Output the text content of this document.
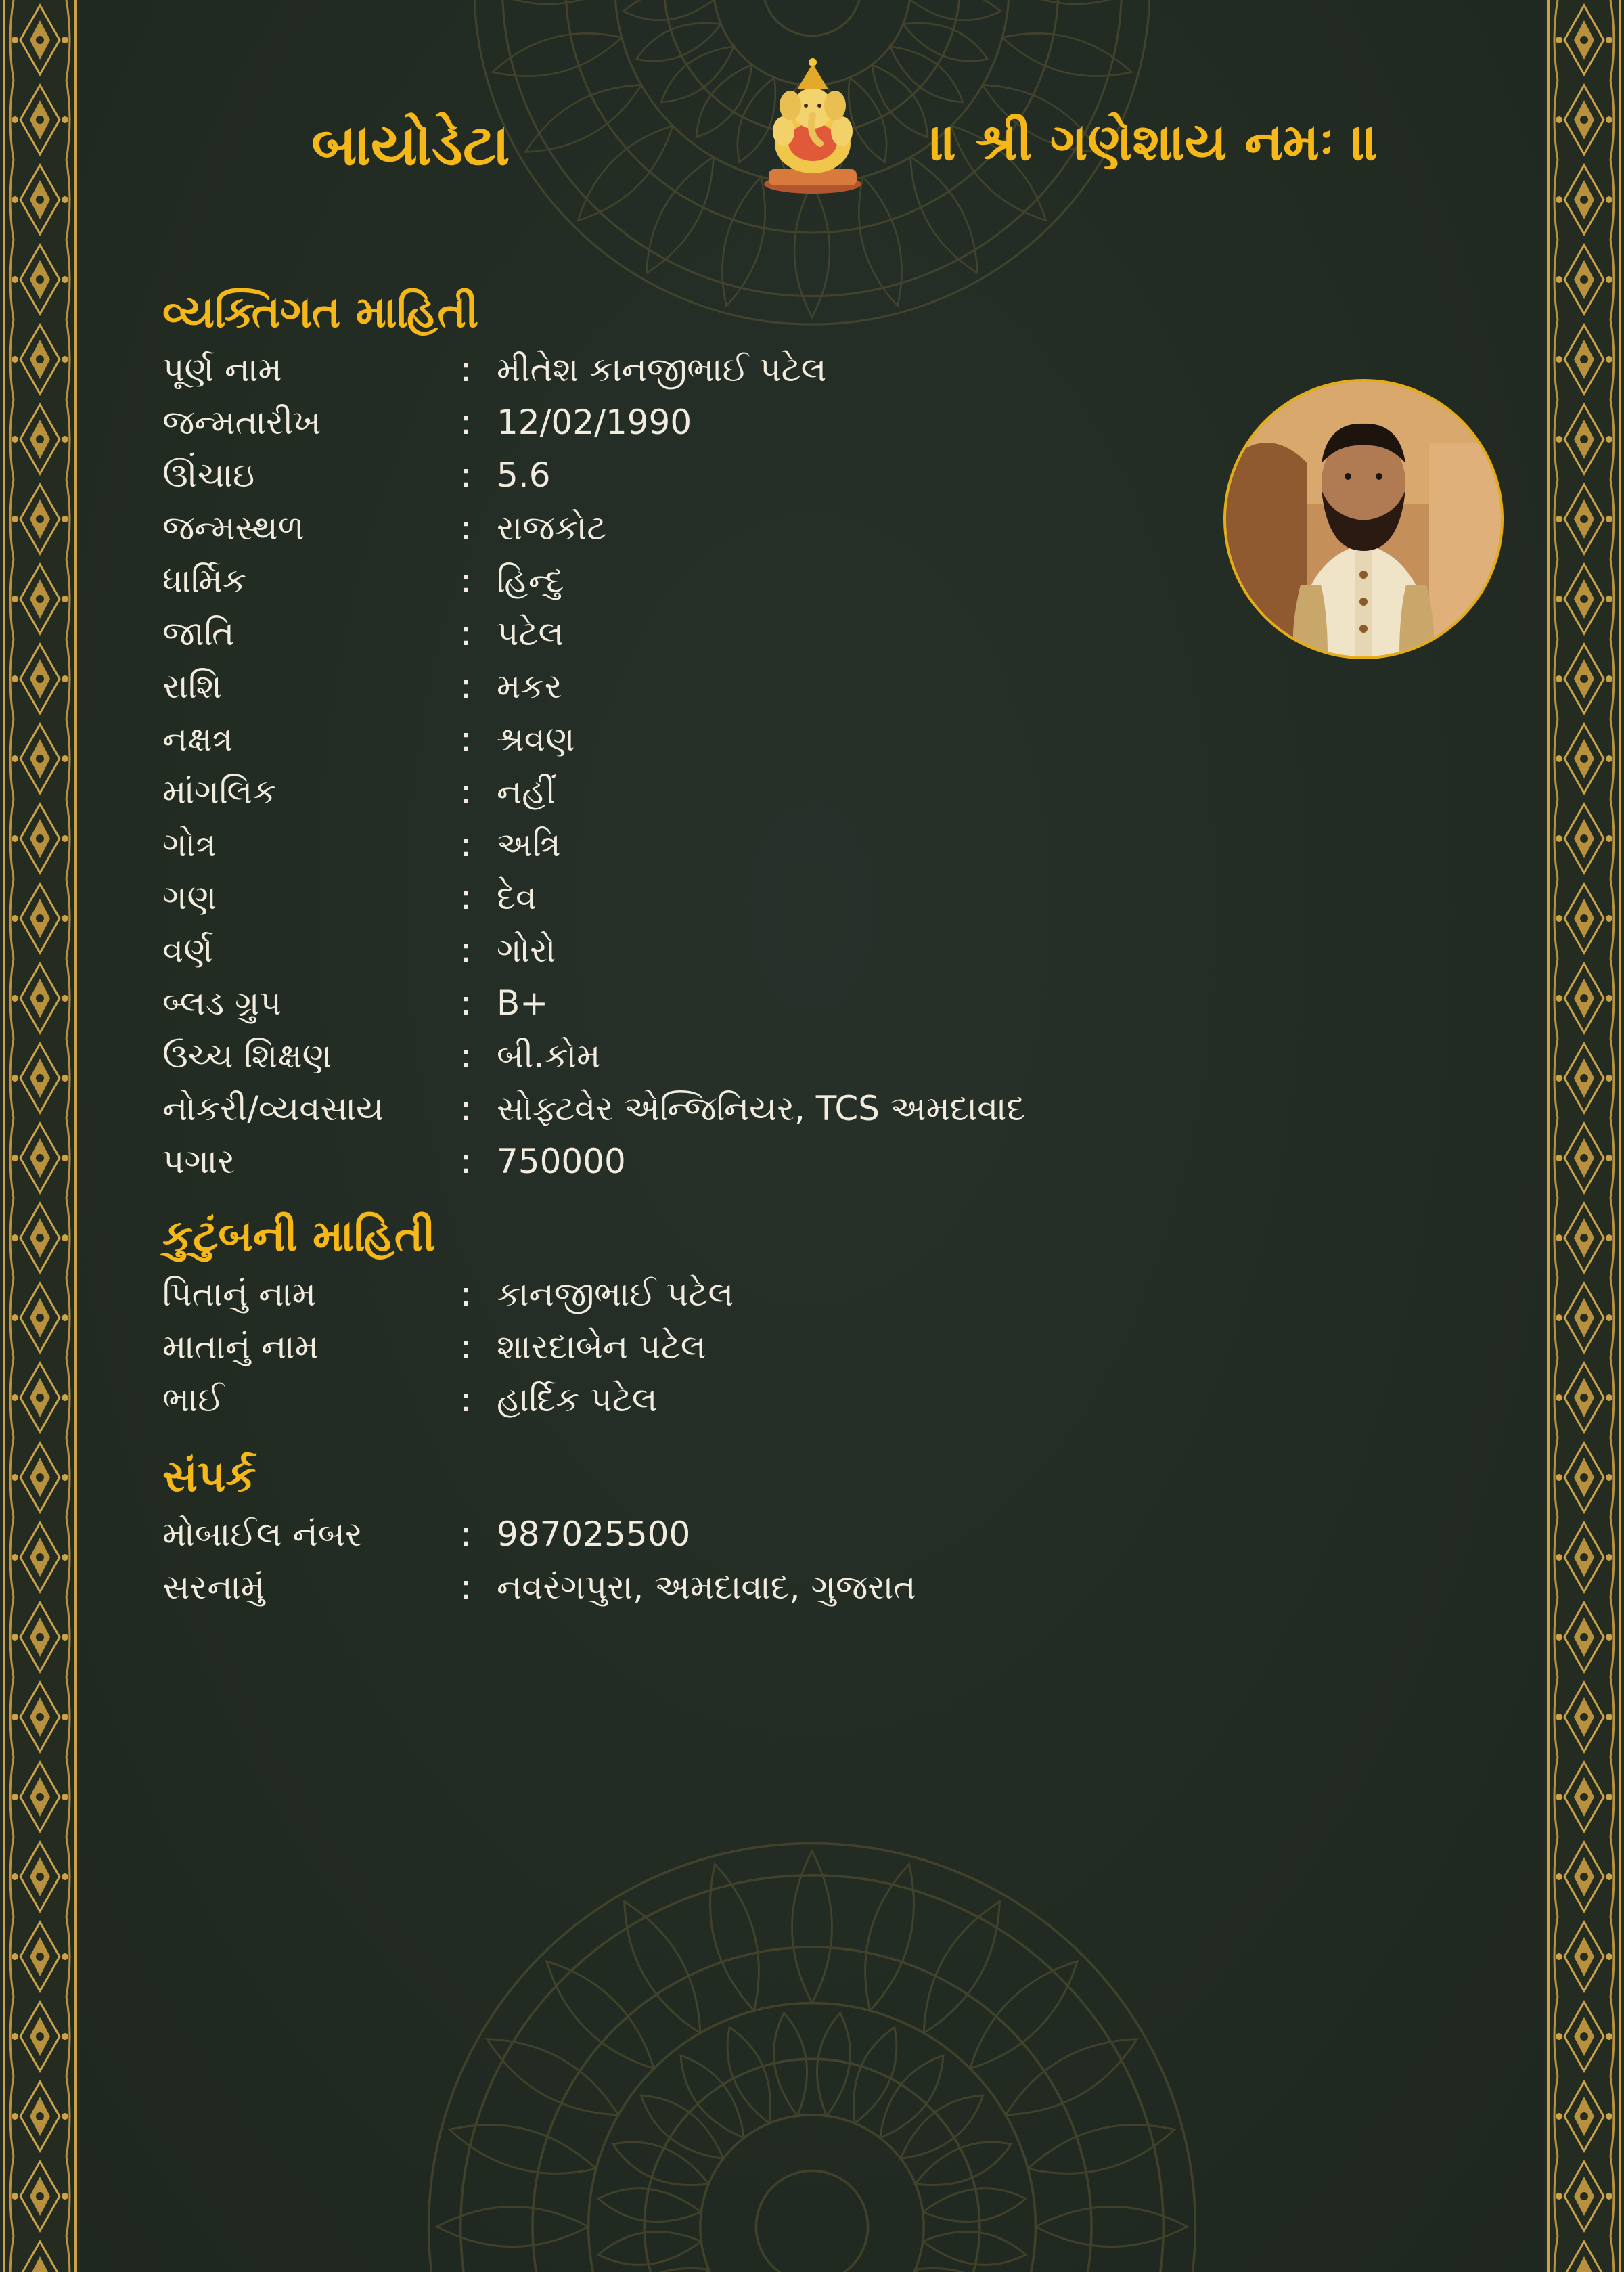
બાયોડેટા	॥ શ્રી ગણેશાય નમઃ ॥
વ્યક્તિગત માહિતી
પૂર્ણ નામ	: મીતેશ કાનજીભાઈ પટેલ
જન્મતારીખ	: 12/02/1990
ઊંચાઇ	: 5.6
જન્મસ્થળ	: રાજકોટ
ધાર્મિક	: હિન્દુ
જાતિ	: પટેલ
રાશિ	: મકર
નક્ષત્ર	: શ્રવણ
માંગલિક	: નહીં
ગોત્ર	: અત્રિ
ગણ	: દેવ
વર્ણ	: ગોરો
બ્લડ ગ્રુપ	: B+
ઉચ્ચ શિક્ષણ	: બી.કોમ
નોકરી/વ્યવસાય	: સોફ્ટવેર એન્જિનિયર, TCS અમદાવાદ
પગાર	: 750000
કુટુંબની માહિતી
પિતાનું નામ	: કાનજીભાઈ પટેલ
માતાનું નામ	: શારદાબેન પટેલ
ભાઈ	: હાર્દિક પટેલ
સંપર્ક
મોબાઈલ નંબર	: 987025500
સરનામું	: નવરંગપુરા, અમદાવાદ, ગુજરાત
